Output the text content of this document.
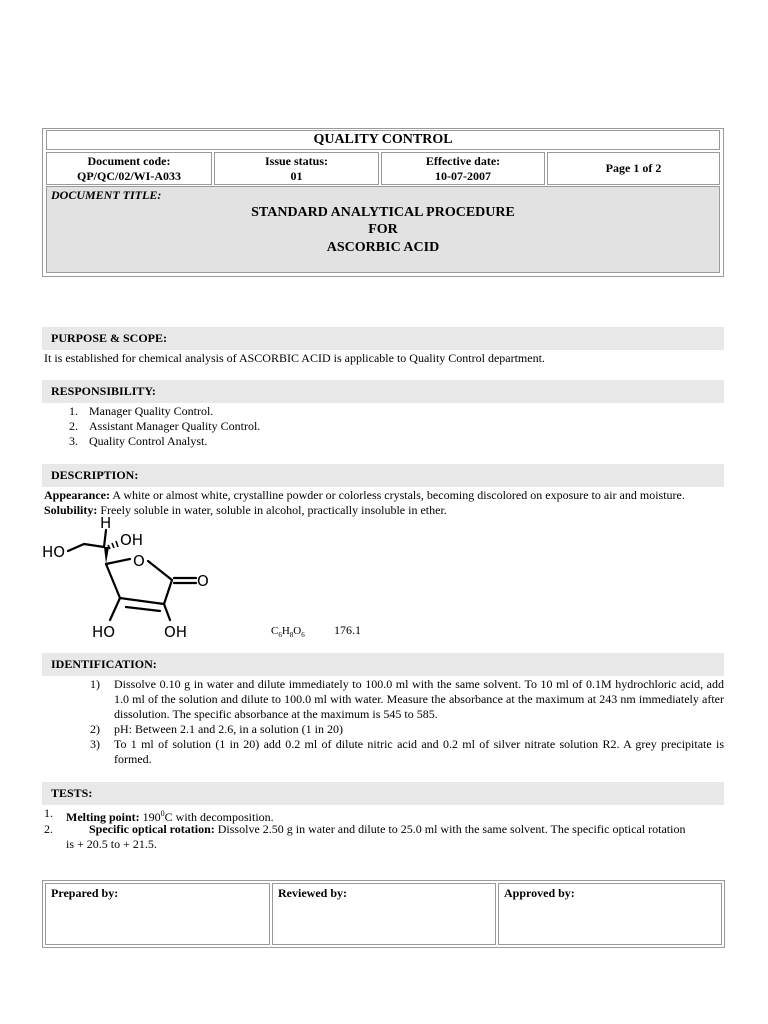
QUALITY CONTROL
Document code:
QP/QC/02/WI-A033
Issue status:
01
Effective date:
10-07-2007
Page 1 of 2
DOCUMENT TITLE:
STANDARD ANALYTICAL PROCEDURE
FOR
ASCORBIC ACID
PURPOSE & SCOPE:
It is established for chemical analysis of ASCORBIC ACID is applicable to Quality Control department.
RESPONSIBILITY:
1. Manager Quality Control.
2. Assistant Manager Quality Control.
3. Quality Control Analyst.
DESCRIPTION:
Appearance: A white or almost white, crystalline powder or colorless crystals, becoming discolored on exposure to air and moisture.
Solubility: Freely soluble in water, soluble in alcohol, practically insoluble in ether.
H
OH
HO	O
O
HO	OH	$C_6H_8O_6$ 176.1
IDENTIFICATION:
1) Dissolve 0.10 g in water and dilute immediately to 100.0 ml with the same solvent. To 10 ml of 0.1M hydrochloric acid, add 1.0 ml of the solution and dilute to 100.0 ml with water. Measure the absorbance at the maximum at 243 nm immediately after dissolution. The specific absorbance at the maximum is 545 to 585.
2) pH: Between 2.1 and 2.6, in a solution (1 in 20)
3) To 1 ml of solution (1 in 20) add 0.2 ml of dilute nitric acid and 0.2 ml of silver nitrate solution R2. A grey precipitate is formed.
TESTS:
1. Melting point: $190^0C$ with decomposition.
2.	Specific optical rotation: Dissolve 2.50 g in water and dilute to 25.0 ml with the same solvent. The specific optical rotation
is + 20.5 to + 21.5.
Prepared by:	Reviewed by:	Approved by:
